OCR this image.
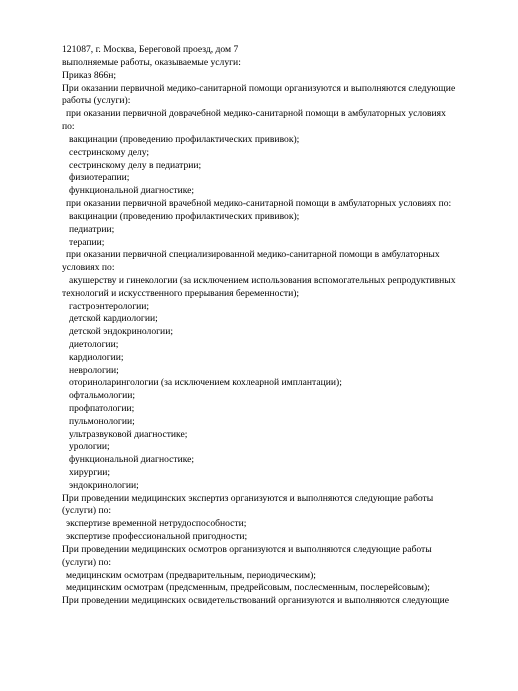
121087, г. Москва, Береговой проезд, дом 7
выполняемые работы, оказываемые услуги:
Приказ 866н;
При оказании первичной медико-санитарной помощи организуются и выполняются следующие
работы (услуги):
при оказании первичной доврачебной медико-санитарной помощи в амбулаторных условиях
по:
вакцинации (проведению профилактических прививок);
сестринскому делу;
сестринскому делу в педиатрии;
физиотерапии;
функциональной диагностике;
при оказании первичной врачебной медико-санитарной помощи в амбулаторных условиях по:
вакцинации (проведению профилактических прививок);
педиатрии;
терапии;
при оказании первичной специализированной медико-санитарной помощи в амбулаторных
условиях по:
акушерству и гинекологии (за исключением использования вспомогательных репродуктивных
технологий и искусственного прерывания беременности);
гастроэнтерологии;
детской кардиологии;
детской эндокринологии;
диетологии;
кардиологии;
неврологии;
оториноларингологии (за исключением кохлеарной имплантации);
офтальмологии;
профпатологии;
пульмонологии;
ультразвуковой диагностике;
урологии;
функциональной диагностике;
хирургии;
эндокринологии;
При проведении медицинских экспертиз организуются и выполняются следующие работы
(услуги) по:
экспертизе временной нетрудоспособности;
экспертизе профессиональной пригодности;
При проведении медицинских осмотров организуются и выполняются следующие работы
(услуги) по:
медицинским осмотрам (предварительным, периодическим);
медицинским осмотрам (предсменным, предрейсовым, послесменным, послерейсовым);
При проведении медицинских освидетельствований организуются и выполняются следующие
